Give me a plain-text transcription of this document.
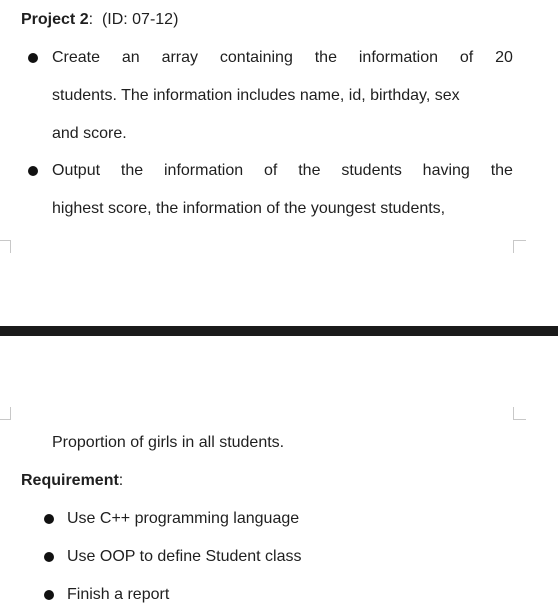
Project 2: (ID: 07-12)
Create an array containing the information of 20
students. The information includes name, id, birthday, sex
and score.
Output the information of the students having the
highest score, the information of the youngest students,
Proportion of girls in all students.
Requirement:
Use C++ programming language
Use OOP to define Student class
Finish a report
